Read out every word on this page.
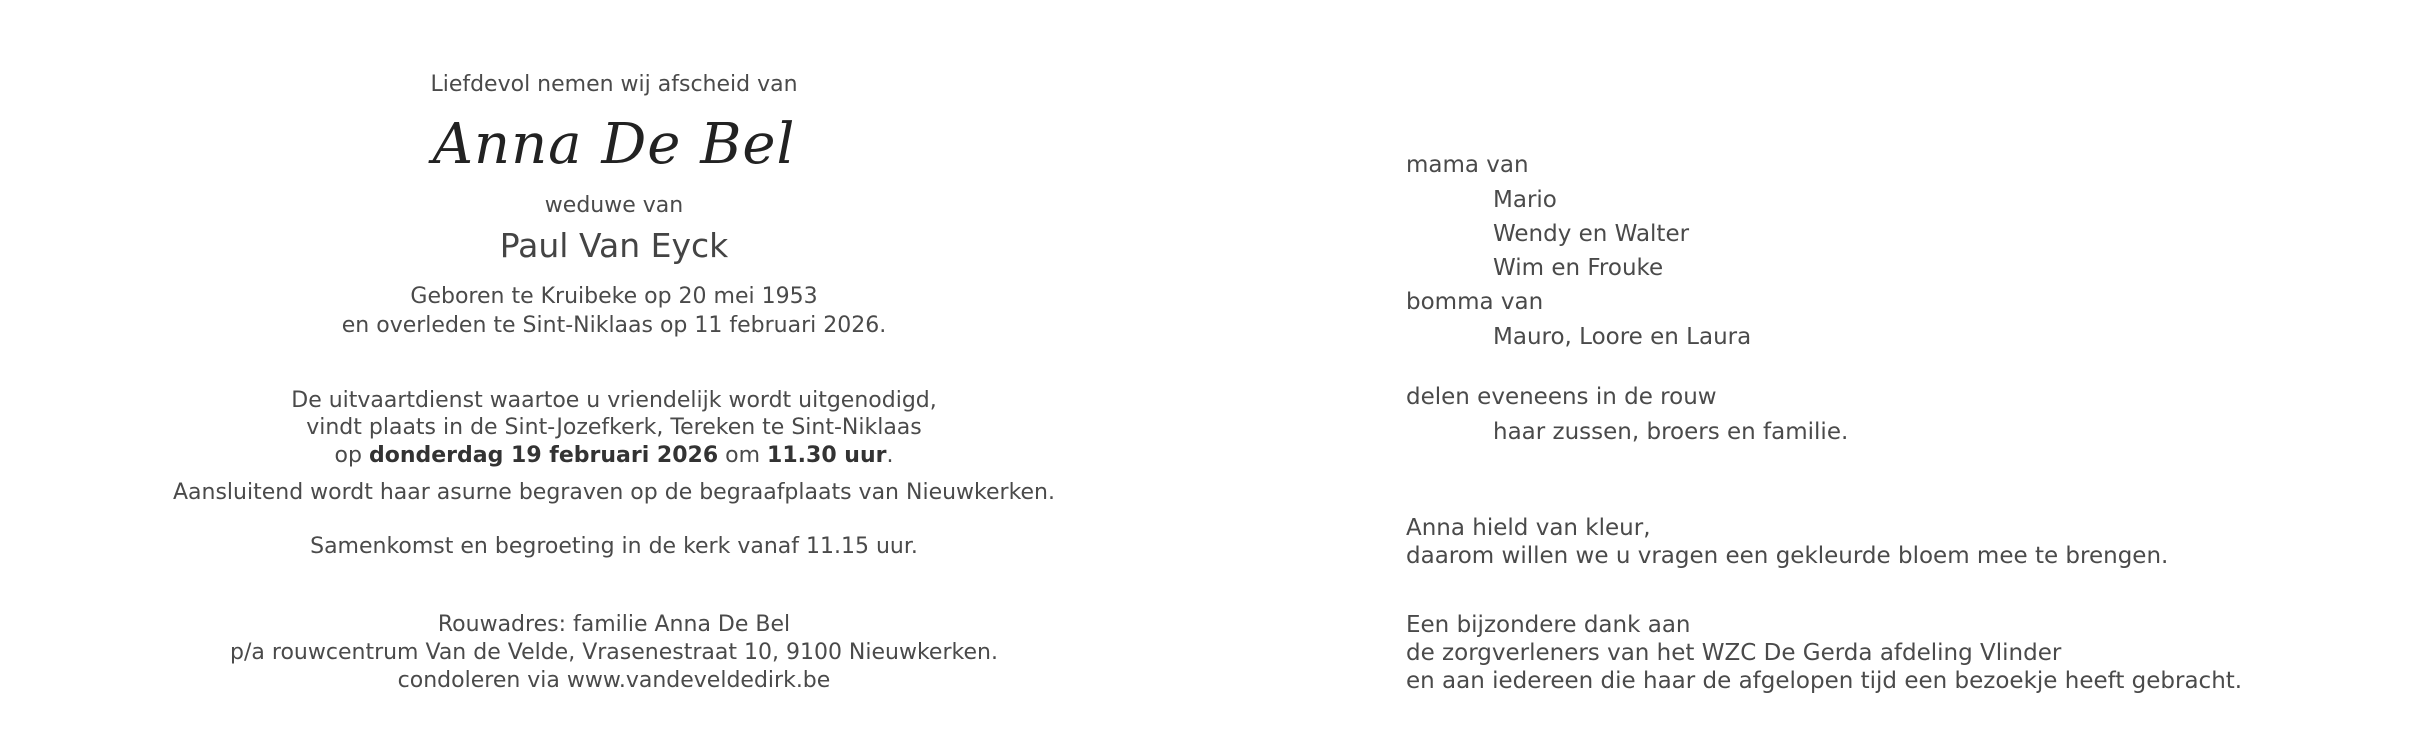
Liefdevol nemen wij afscheid van
Anna De Bel
weduwe van
Paul Van Eyck
Geboren te Kruibeke op 20 mei 1953
en overleden te Sint-Niklaas op 11 februari 2026.
De uitvaartdienst waartoe u vriendelijk wordt uitgenodigd,
vindt plaats in de Sint-Jozefkerk, Tereken te Sint-Niklaas
op donderdag 19 februari 2026 om 11.30 uur.
Aansluitend wordt haar asurne begraven op de begraafplaats van Nieuwkerken.
Samenkomst en begroeting in de kerk vanaf 11.15 uur.
Rouwadres: familie Anna De Bel
p/a rouwcentrum Van de Velde, Vrasenestraat 10, 9100 Nieuwkerken.
condoleren via www.vandeveldedirk.be
mama van
Mario
Wendy en Walter
Wim en Frouke
bomma van
Mauro, Loore en Laura
delen eveneens in de rouw
haar zussen, broers en familie.
Anna hield van kleur,
daarom willen we u vragen een gekleurde bloem mee te brengen.
Een bijzondere dank aan
de zorgverleners van het WZC De Gerda afdeling Vlinder
en aan iedereen die haar de afgelopen tijd een bezoekje heeft gebracht.
